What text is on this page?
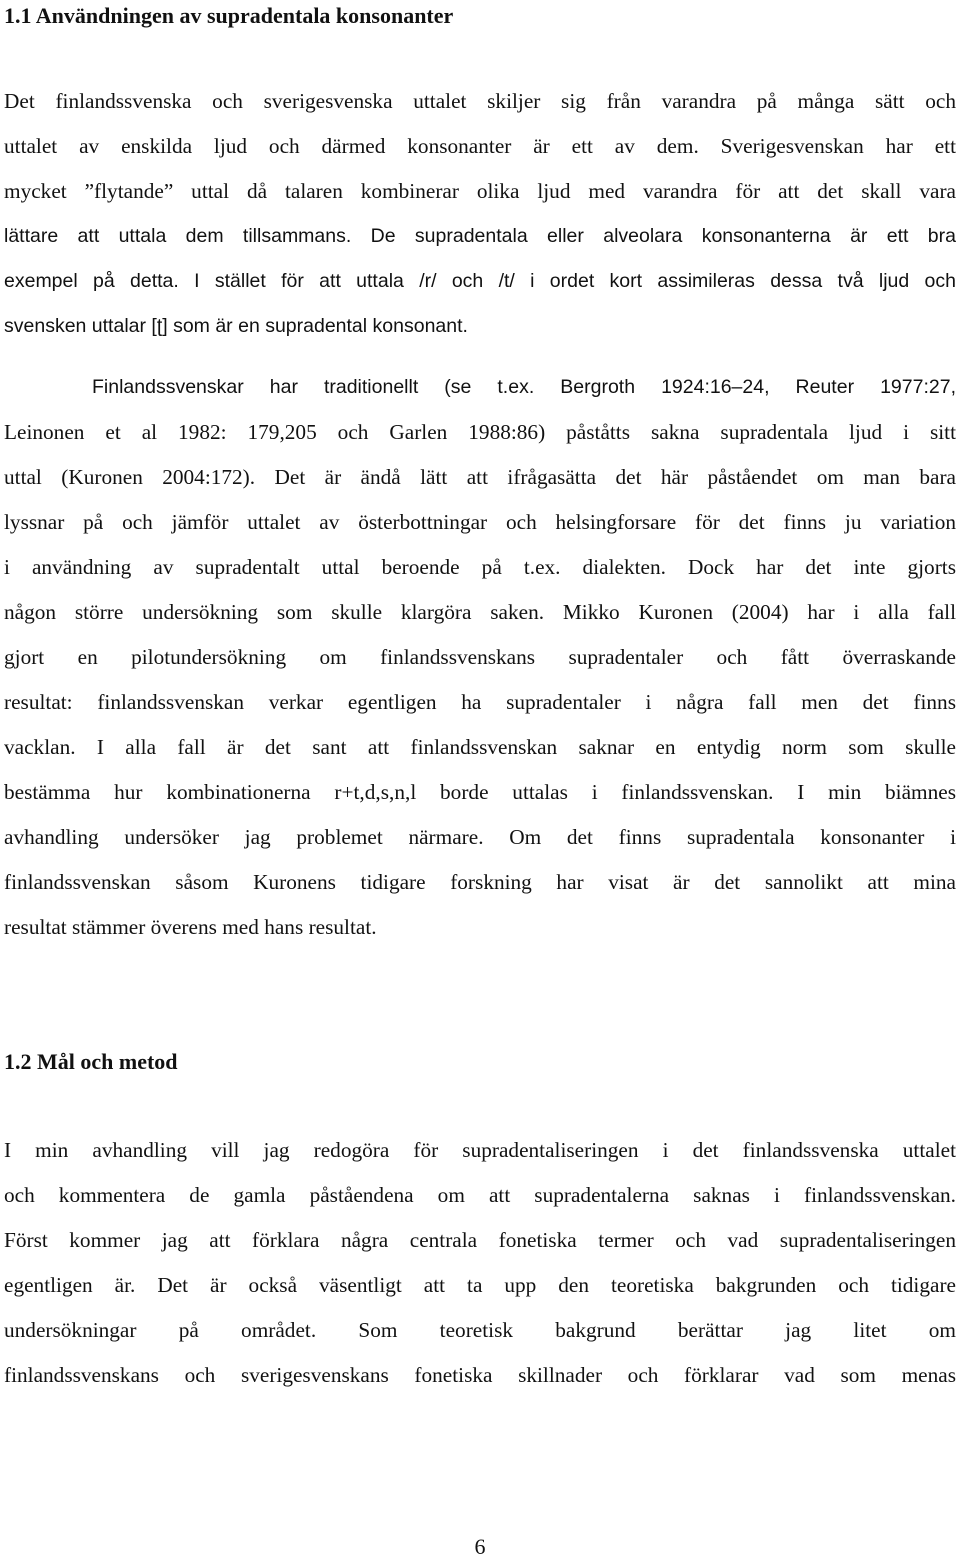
1.1 Användningen av supradentala konsonanter
Det finlandssvenska och sverigesvenska uttalet skiljer sig från varandra på många sätt och
uttalet av enskilda ljud och därmed konsonanter är ett av dem. Sverigesvenskan har ett
mycket ”flytande” uttal då talaren kombinerar olika ljud med varandra för att det skall vara
lättare att uttala dem tillsammans. De supradentala eller alveolara konsonanterna är ett bra
exempel på detta. I stället för att uttala /r/ och /t/ i ordet kort assimileras dessa två ljud och
svensken uttalar [ʈ] som är en supradental konsonant.
Finlandssvenskar har traditionellt (se t.ex. Bergroth 1924:16–24, Reuter 1977:27,
Leinonen et al 1982: 179,205 och Garlen 1988:86) påståtts sakna supradentala ljud i sitt
uttal (Kuronen 2004:172). Det är ändå lätt att ifrågasätta det här påståendet om man bara
lyssnar på och jämför uttalet av österbottningar och helsingforsare för det finns ju variation
i användning av supradentalt uttal beroende på t.ex. dialekten. Dock har det inte gjorts
någon större undersökning som skulle klargöra saken. Mikko Kuronen (2004) har i alla fall
gjort en pilotundersökning om finlandssvenskans supradentaler och fått överraskande
resultat: finlandssvenskan verkar egentligen ha supradentaler i några fall men det finns
vacklan. I alla fall är det sant att finlandssvenskan saknar en entydig norm som skulle
bestämma hur kombinationerna r+t,d,s,n,l borde uttalas i finlandssvenskan. I min biämnes
avhandling undersöker jag problemet närmare. Om det finns supradentala konsonanter i
finlandssvenskan såsom Kuronens tidigare forskning har visat är det sannolikt att mina
resultat stämmer överens med hans resultat.
1.2 Mål och metod
I min avhandling vill jag redogöra för supradentaliseringen i det finlandssvenska uttalet
och kommentera de gamla påståendena om att supradentalerna saknas i finlandssvenskan.
Först kommer jag att förklara några centrala fonetiska termer och vad supradentaliseringen
egentligen är. Det är också väsentligt att ta upp den teoretiska bakgrunden och tidigare
undersökningar på området. Som teoretisk bakgrund berättar jag litet om
finlandssvenskans och sverigesvenskans fonetiska skillnader och förklarar vad som menas
6
